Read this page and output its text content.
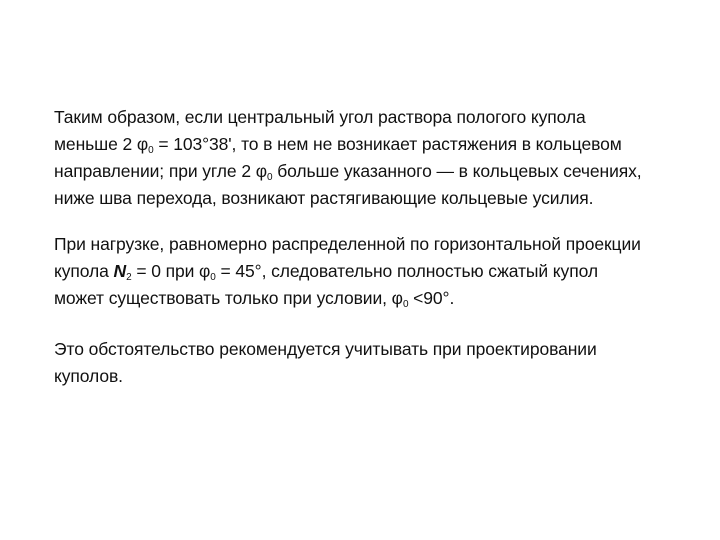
Таким образом, если центральный угол раствора пологого купола
меньше 2 $\varphi_0 = 103^\circ 38'$, то в нем не возникает растяжения в кольцевом
направлении; при угле 2 $\varphi_0$ больше указанного — в кольцевых сечениях,
ниже шва перехода, возникают растягивающие кольцевые усилия.

При нагрузке, равномерно распределенной по горизонтальной проекции
купола $N_2 = 0$ при $\varphi_0 = 45^\circ$, следовательно полностью сжатый купол
может существовать только при условии, $\varphi_0 <90^\circ$.

Это обстоятельство рекомендуется учитывать при проектировании
куполов.
